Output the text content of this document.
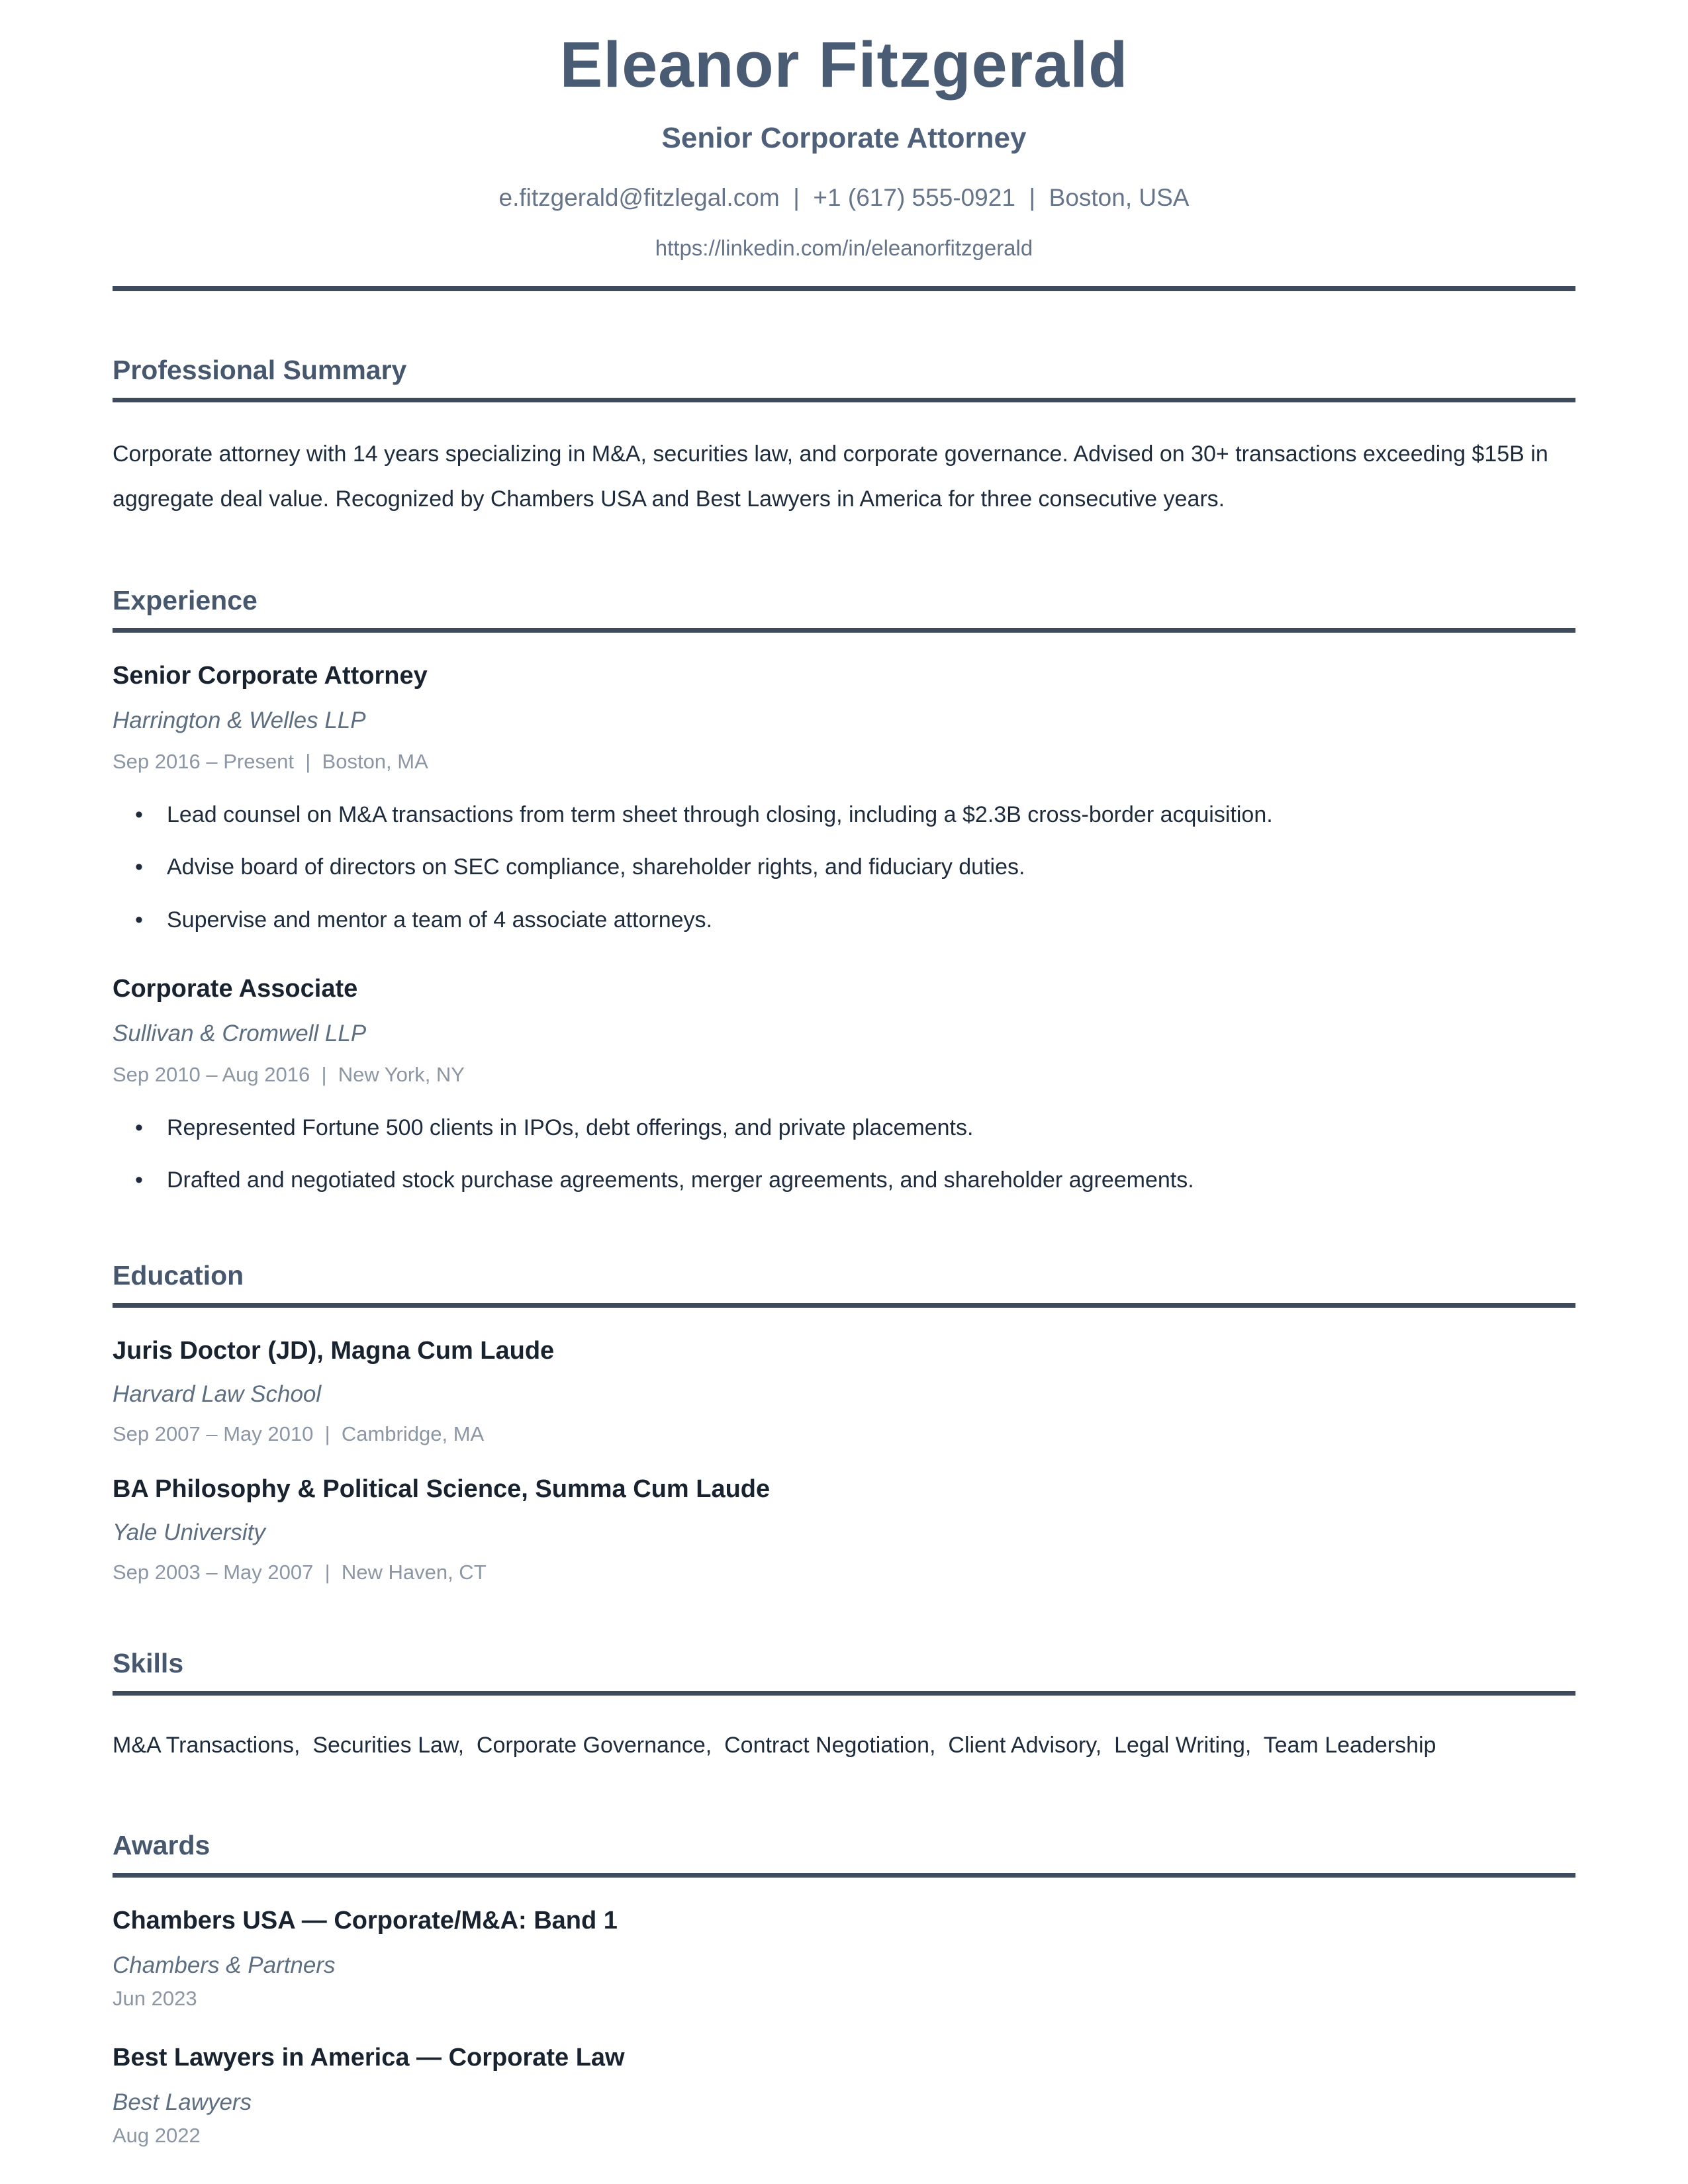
Eleanor Fitzgerald
Senior Corporate Attorney
e.fitzgerald@fitzlegal.com  |  +1 (617) 555-0921  |  Boston, USA
https://linkedin.com/in/eleanorfitzgerald
Professional Summary

Corporate attorney with 14 years specializing in M&A, securities law, and corporate governance. Advised on 30+ transactions exceeding $15B in aggregate deal value. Recognized by Chambers USA and Best Lawyers in America for three consecutive years.

Experience
Senior Corporate Attorney
Harrington & Welles LLP
Sep 2016 – Present  |  Boston, MA
• Lead counsel on M&A transactions from term sheet through closing, including a $2.3B cross-border acquisition.
• Advise board of directors on SEC compliance, shareholder rights, and fiduciary duties.
• Supervise and mentor a team of 4 associate attorneys.
Corporate Associate
Sullivan & Cromwell LLP
Sep 2010 – Aug 2016  |  New York, NY
• Represented Fortune 500 clients in IPOs, debt offerings, and private placements.
• Drafted and negotiated stock purchase agreements, merger agreements, and shareholder agreements.
Education
Juris Doctor (JD), Magna Cum Laude
Harvard Law School
Sep 2007 – May 2010  |  Cambridge, MA
BA Philosophy & Political Science, Summa Cum Laude
Yale University
Sep 2003 – May 2007  |  New Haven, CT
Skills

M&A Transactions,  Securities Law,  Corporate Governance,  Contract Negotiation,  Client Advisory,  Legal Writing,  Team Leadership

Awards
Chambers USA — Corporate/M&A: Band 1
Chambers & Partners
Jun 2023
Best Lawyers in America — Corporate Law
Best Lawyers
Aug 2022
